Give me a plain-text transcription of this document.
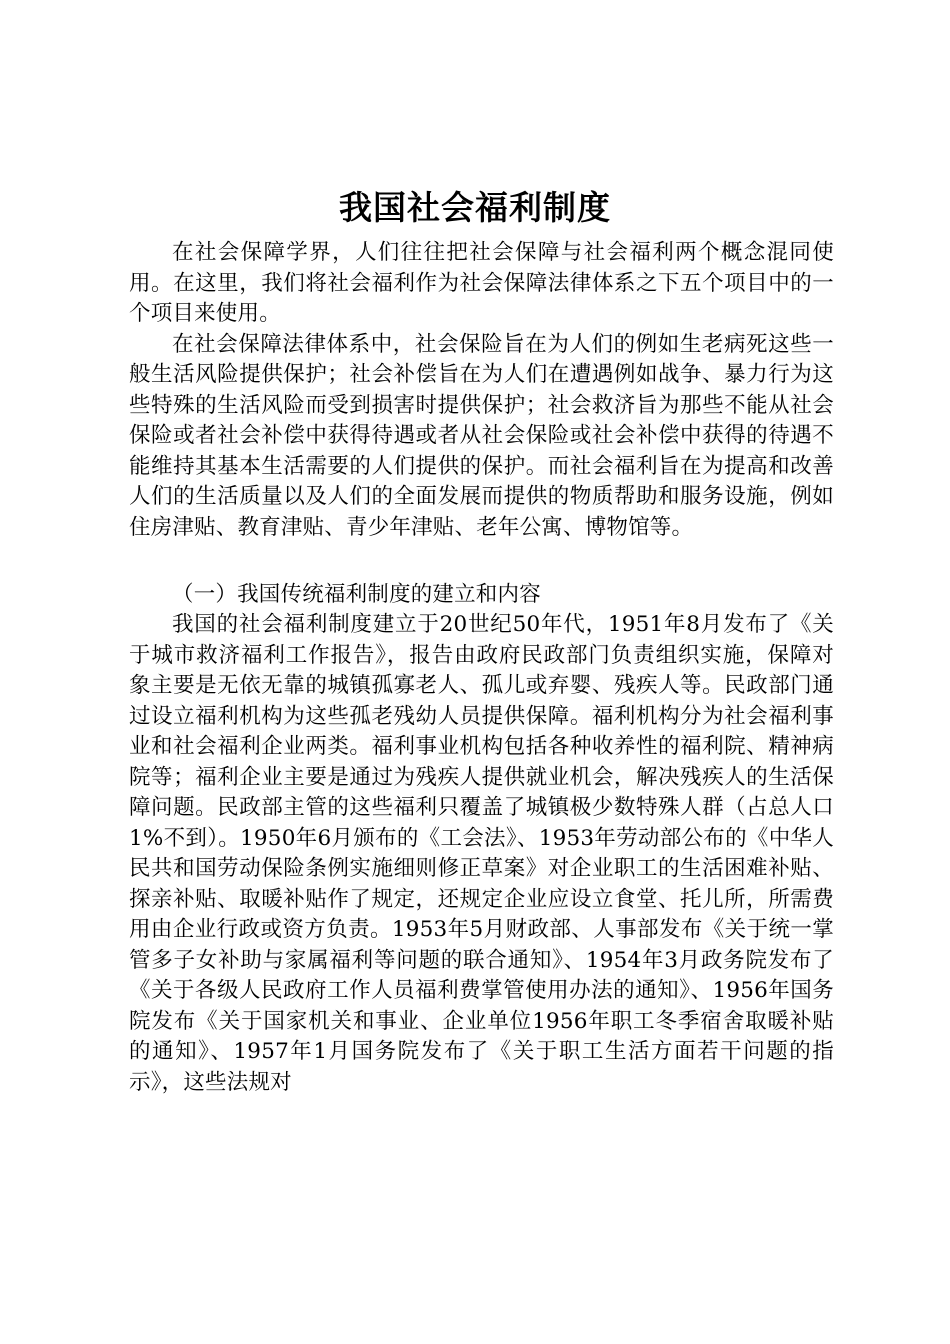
我国社会福利制度

在社会保障学界，人们往往把社会保障与社会福利两个概念混同使用。在这里，我们将社会福利作为社会保障法律体系之下五个项目中的一个项目来使用。

在社会保障法律体系中，社会保险旨在为人们的例如生老病死这些一般生活风险提供保护；社会补偿旨在为人们在遭遇例如战争、暴力行为这些特殊的生活风险而受到损害时提供保护；社会救济旨为那些不能从社会保险或者社会补偿中获得待遇或者从社会保险或社会补偿中获得的待遇不能维持其基本生活需要的人们提供的保护。而社会福利旨在为提高和改善人们的生活质量以及人们的全面发展而提供的物质帮助和服务设施，例如住房津贴、教育津贴、青少年津贴、老年公寓、博物馆等。

（一）我国传统福利制度的建立和内容

我国的社会福利制度建立于20世纪50年代，1951年8月发布了《关于城市救济福利工作报告》，报告由政府民政部门负责组织实施，保障对象主要是无依无靠的城镇孤寡老人、孤儿或弃婴、残疾人等。民政部门通过设立福利机构为这些孤老残幼人员提供保障。福利机构分为社会福利事业和社会福利企业两类。福利事业机构包括各种收养性的福利院、精神病院等；福利企业主要是通过为残疾人提供就业机会，解决残疾人的生活保障问题。民政部主管的这些福利只覆盖了城镇极少数特殊人群（占总人口1%不到）。1950年6月颁布的《工会法》、1953年劳动部公布的《中华人民共和国劳动保险条例实施细则修正草案》对企业职工的生活困难补贴、探亲补贴、取暖补贴作了规定，还规定企业应设立食堂、托儿所，所需费用由企业行政或资方负责。1953年5月财政部、人事部发布《关于统一掌管多子女补助与家属福利等问题的联合通知》、1954年3月政务院发布了《关于各级人民政府工作人员福利费掌管使用办法的通知》、1956年国务院发布《关于国家机关和事业、企业单位1956年职工冬季宿舍取暖补贴的通知》、1957年1月国务院发布了《关于职工生活方面若干问题的指示》，这些法规对
